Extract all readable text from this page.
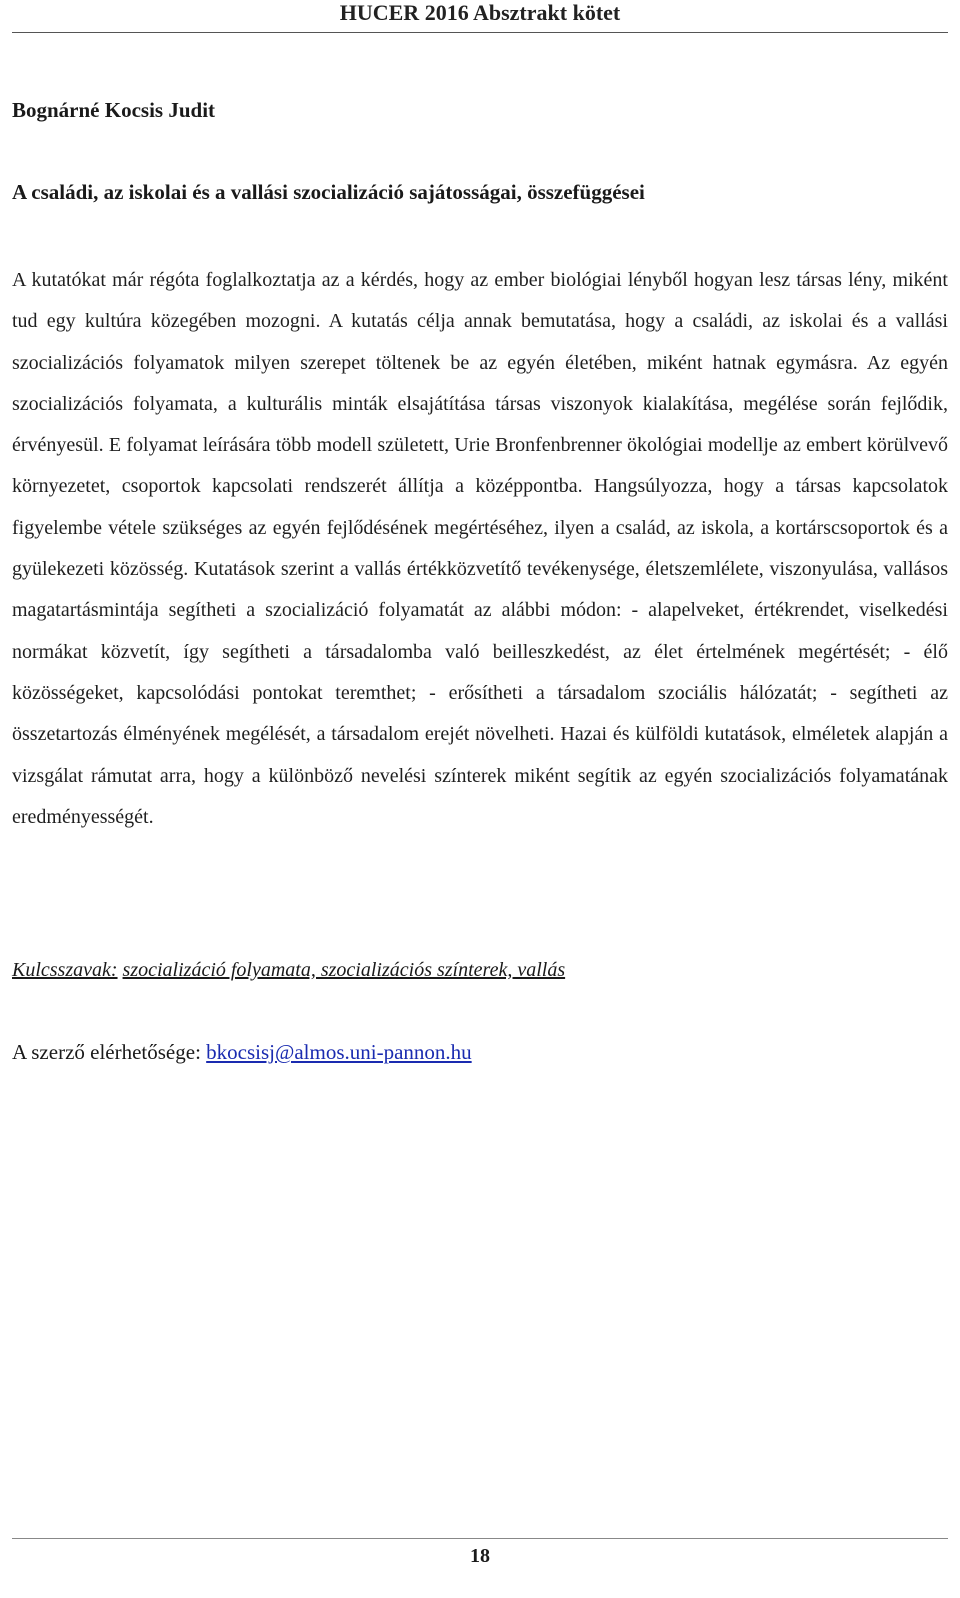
HUCER 2016 Absztrakt kötet
Bognárné Kocsis Judit
A családi, az iskolai és a vallási szocializáció sajátosságai, összefüggései

A kutatókat már régóta foglalkoztatja az a kérdés, hogy az ember biológiai lényből hogyan lesz társas lény, miként tud egy kultúra közegében mozogni. A kutatás célja annak bemutatása, hogy a családi, az iskolai és a vallási szocializációs folyamatok milyen szerepet töltenek be az egyén életében, miként hatnak egymásra. Az egyén szocializációs folyamata, a kulturális minták elsajátítása társas viszonyok kialakítása, megélése során fejlődik, érvényesül. E folyamat leírására több modell született, Urie Bronfenbrenner ökológiai modellje az embert körülvevő környezetet, csoportok kapcsolati rendszerét állítja a középpontba. Hangsúlyozza, hogy a társas kapcsolatok figyelembe vétele szükséges az egyén fejlődésének megértéséhez, ilyen a család, az iskola, a kortárscsoportok és a gyülekezeti közösség. Kutatások szerint a vallás értékközvetítő tevékenysége, életszemlélete, viszonyulása, vallásos magatartásmintája segítheti a szocializáció folyamatát az alábbi módon: - alapelveket, értékrendet, viselkedési normákat közvetít, így segítheti a társadalomba való beilleszkedést, az élet értelmének megértését; - élő közösségeket, kapcsolódási pontokat teremthet; - erősítheti a társadalom szociális hálózatát; - segítheti az összetartozás élményének megélését, a társadalom erejét növelheti. Hazai és külföldi kutatások, elméletek alapján a vizsgálat rámutat arra, hogy a különböző nevelési színterek miként segítik az egyén szocializációs folyamatának eredményességét.

Kulcsszavak: szocializáció folyamata, szocializációs színterek, vallás
A szerző elérhetősége: bkocsisj@almos.uni-pannon.hu
18
